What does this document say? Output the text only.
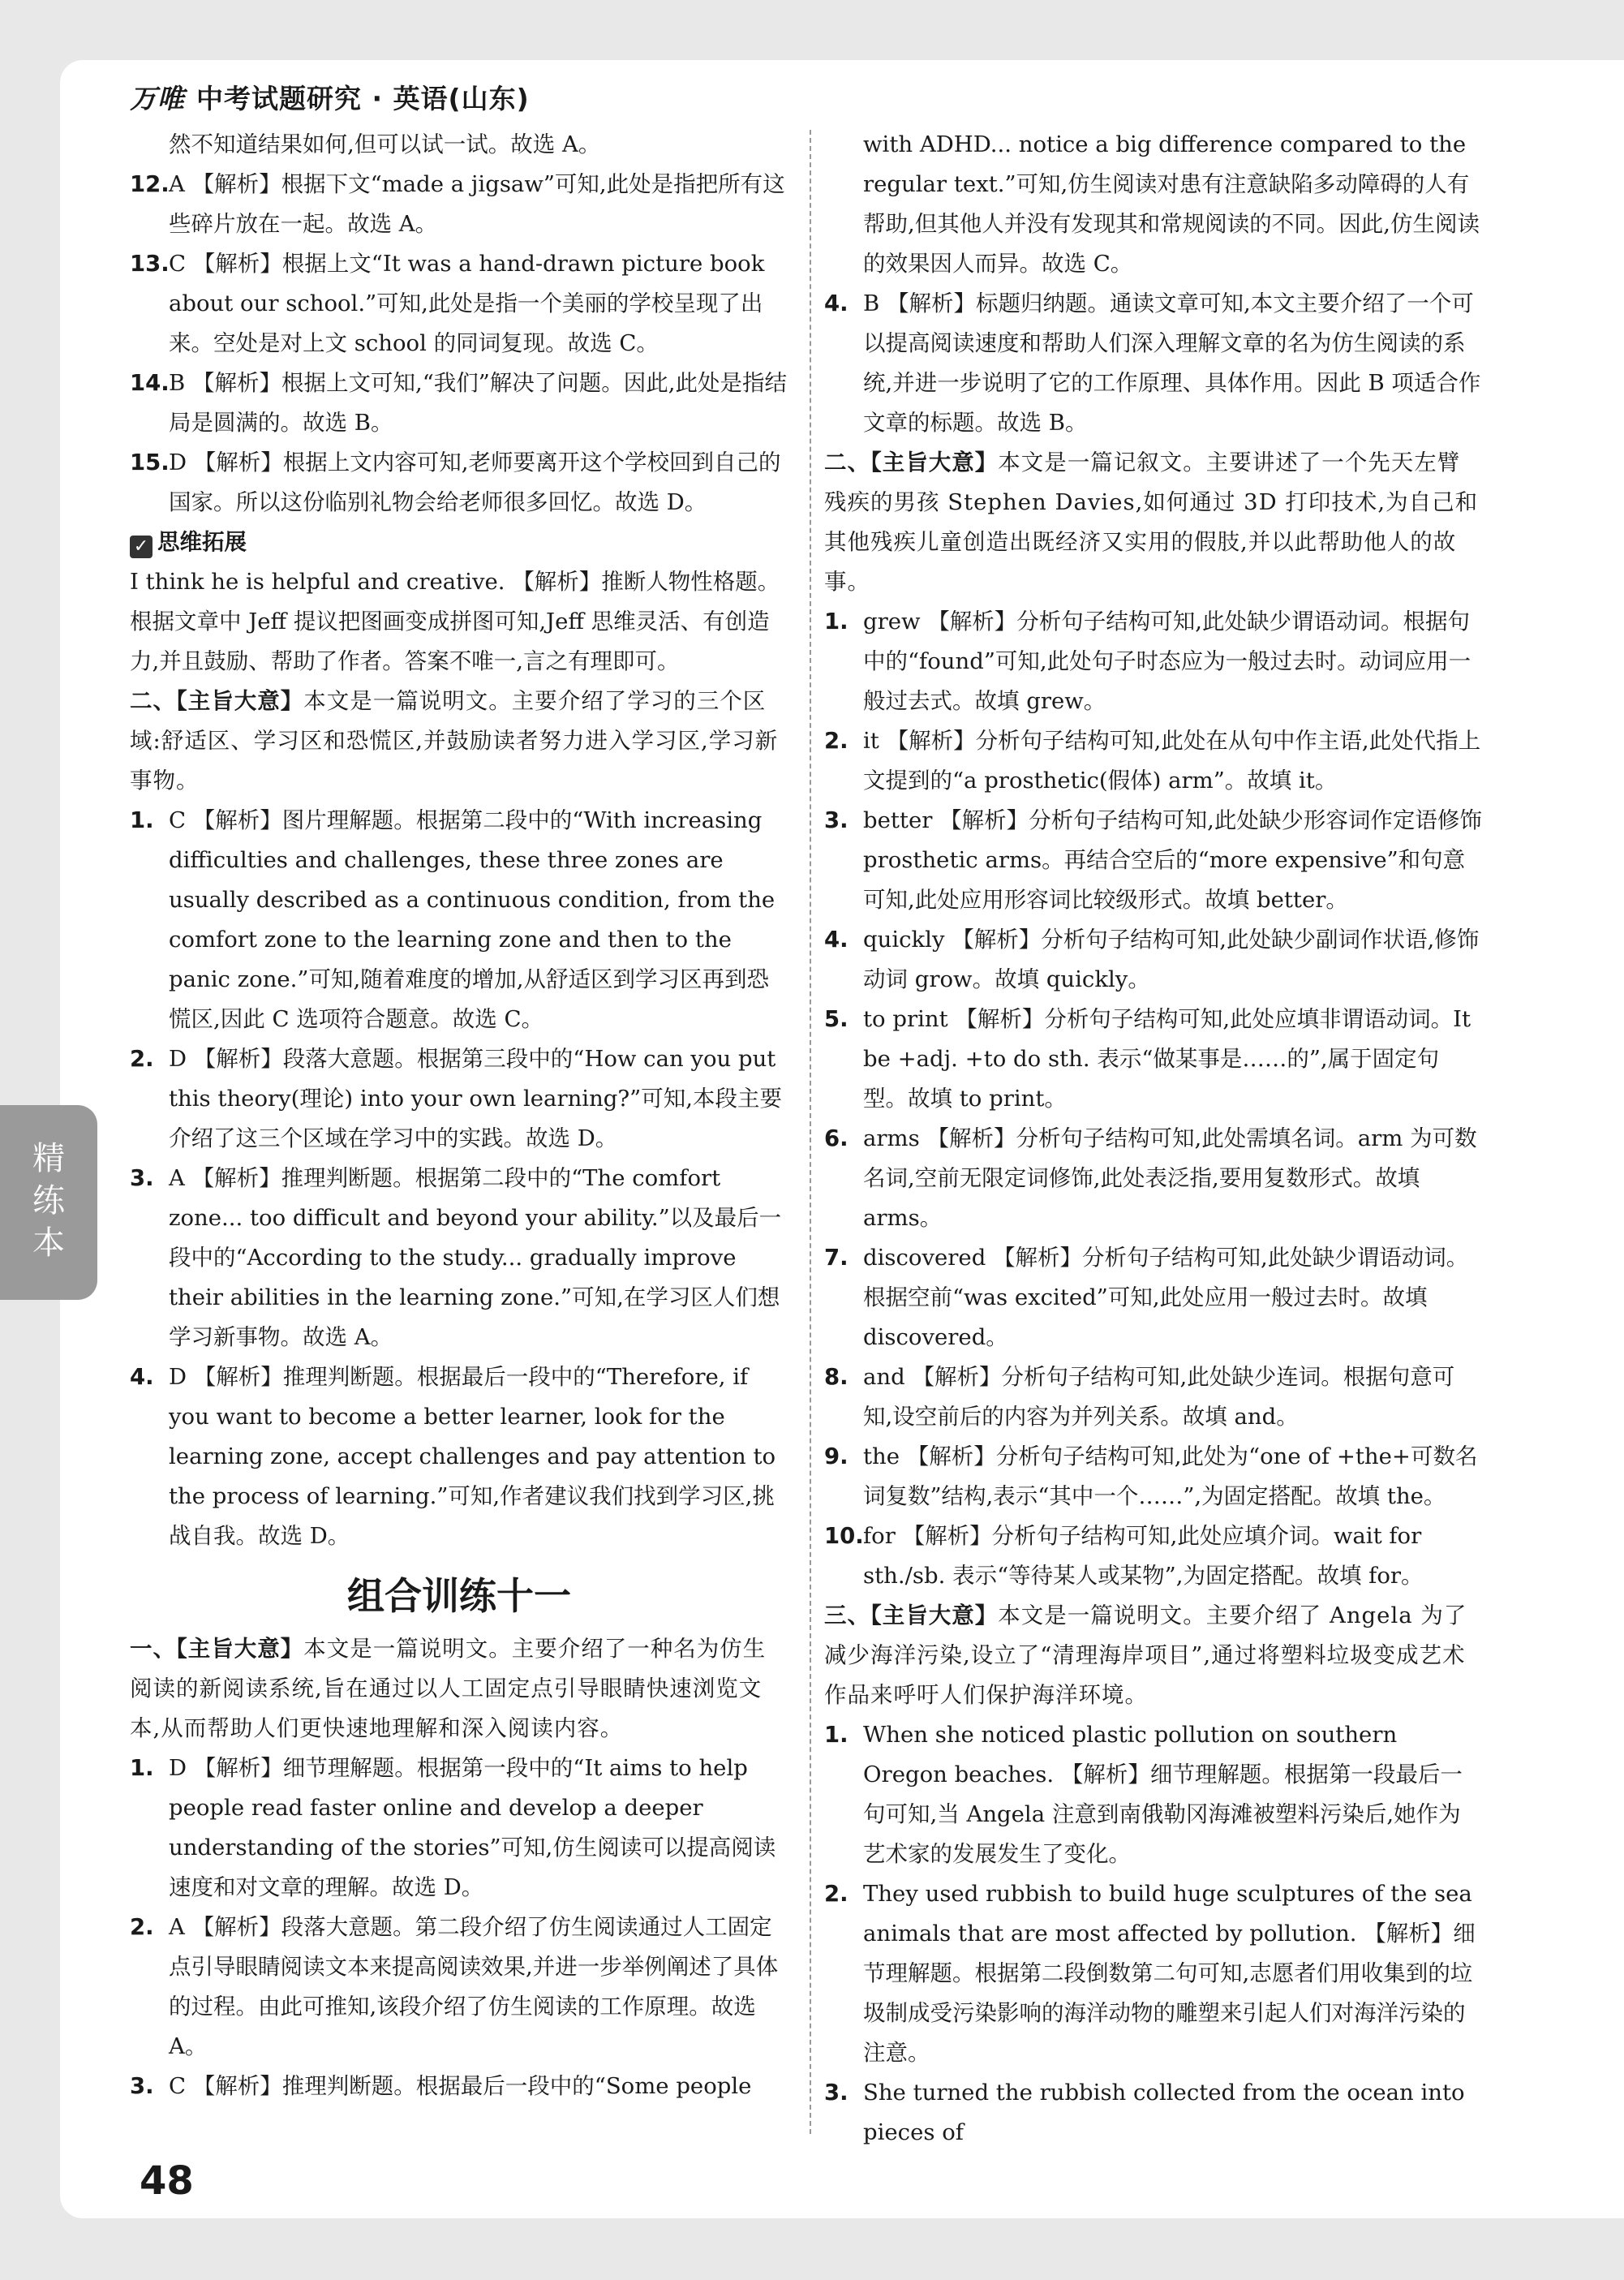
万唯 中考试题研究 · 英语(山东)
然不知道结果如何,但可以试一试。故选 A。
12. A 【解析】根据下文“made a jigsaw”可知,此处是指把所有这些碎片放在一起。故选 A。
13. C 【解析】根据上文“It was a hand-drawn picture book about our school.”可知,此处是指一个美丽的学校呈现了出来。空处是对上文 school 的同词复现。故选 C。
14. B 【解析】根据上文可知,“我们”解决了问题。因此,此处是指结局是圆满的。故选 B。
15. D 【解析】根据上文内容可知,老师要离开这个学校回到自己的国家。所以这份临别礼物会给老师很多回忆。故选 D。
✓ 思维拓展
I think he is helpful and creative. 【解析】推断人物性格题。根据文章中 Jeff 提议把图画变成拼图可知,Jeff 思维灵活、有创造力,并且鼓励、帮助了作者。答案不唯一,言之有理即可。
二、【主旨大意】本文是一篇说明文。主要介绍了学习的三个区域:舒适区、学习区和恐慌区,并鼓励读者努力进入学习区,学习新事物。
1. C 【解析】图片理解题。根据第二段中的“With increasing difficulties and challenges, these three zones are usually described as a continuous condition, from the comfort zone to the learning zone and then to the panic zone.”可知,随着难度的增加,从舒适区到学习区再到恐慌区,因此 C 选项符合题意。故选 C。
2. D 【解析】段落大意题。根据第三段中的“How can you put this theory(理论) into your own learning?”可知,本段主要介绍了这三个区域在学习中的实践。故选 D。
3. A 【解析】推理判断题。根据第二段中的“The comfort zone... too difficult and beyond your ability.”以及最后一段中的“According to the study... gradually improve their abilities in the learning zone.”可知,在学习区人们想学习新事物。故选 A。
4. D 【解析】推理判断题。根据最后一段中的“Therefore, if you want to become a better learner, look for the learning zone, accept challenges and pay attention to the process of learning.”可知,作者建议我们找到学习区,挑战自我。故选 D。
组合训练十一
一、【主旨大意】本文是一篇说明文。主要介绍了一种名为仿生阅读的新阅读系统,旨在通过以人工固定点引导眼睛快速浏览文本,从而帮助人们更快速地理解和深入阅读内容。
1. D 【解析】细节理解题。根据第一段中的“It aims to help people read faster online and develop a deeper understanding of the stories”可知,仿生阅读可以提高阅读速度和对文章的理解。故选 D。
2. A 【解析】段落大意题。第二段介绍了仿生阅读通过人工固定点引导眼睛阅读文本来提高阅读效果,并进一步举例阐述了具体的过程。由此可推知,该段介绍了仿生阅读的工作原理。故选 A。
3. C 【解析】推理判断题。根据最后一段中的“Some people
with ADHD... notice a big difference compared to the regular text.”可知,仿生阅读对患有注意缺陷多动障碍的人有帮助,但其他人并没有发现其和常规阅读的不同。因此,仿生阅读的效果因人而异。故选 C。
4. B 【解析】标题归纳题。通读文章可知,本文主要介绍了一个可以提高阅读速度和帮助人们深入理解文章的名为仿生阅读的系统,并进一步说明了它的工作原理、具体作用。因此 B 项适合作文章的标题。故选 B。
二、【主旨大意】本文是一篇记叙文。主要讲述了一个先天左臂残疾的男孩 Stephen Davies,如何通过 3D 打印技术,为自己和其他残疾儿童创造出既经济又实用的假肢,并以此帮助他人的故事。
1. grew 【解析】分析句子结构可知,此处缺少谓语动词。根据句中的“found”可知,此处句子时态应为一般过去时。动词应用一般过去式。故填 grew。
2. it 【解析】分析句子结构可知,此处在从句中作主语,此处代指上文提到的“a prosthetic(假体) arm”。故填 it。
3. better 【解析】分析句子结构可知,此处缺少形容词作定语修饰 prosthetic arms。再结合空后的“more expensive”和句意可知,此处应用形容词比较级形式。故填 better。
4. quickly 【解析】分析句子结构可知,此处缺少副词作状语,修饰动词 grow。故填 quickly。
5. to print 【解析】分析句子结构可知,此处应填非谓语动词。It be +adj. +to do sth. 表示“做某事是……的”,属于固定句型。故填 to print。
6. arms 【解析】分析句子结构可知,此处需填名词。arm 为可数名词,空前无限定词修饰,此处表泛指,要用复数形式。故填 arms。
7. discovered 【解析】分析句子结构可知,此处缺少谓语动词。根据空前“was excited”可知,此处应用一般过去时。故填 discovered。
8. and 【解析】分析句子结构可知,此处缺少连词。根据句意可知,设空前后的内容为并列关系。故填 and。
9. the 【解析】分析句子结构可知,此处为“one of +the+可数名词复数”结构,表示“其中一个……”,为固定搭配。故填 the。
10. for 【解析】分析句子结构可知,此处应填介词。wait for sth./sb. 表示“等待某人或某物”,为固定搭配。故填 for。
三、【主旨大意】本文是一篇说明文。主要介绍了 Angela 为了减少海洋污染,设立了“清理海岸项目”,通过将塑料垃圾变成艺术作品来呼吁人们保护海洋环境。
1. When she noticed plastic pollution on southern Oregon beaches. 【解析】细节理解题。根据第一段最后一句可知,当 Angela 注意到南俄勒冈海滩被塑料污染后,她作为艺术家的发展发生了变化。
2. They used rubbish to build huge sculptures of the sea animals that are most affected by pollution. 【解析】细节理解题。根据第二段倒数第二句可知,志愿者们用收集到的垃圾制成受污染影响的海洋动物的雕塑来引起人们对海洋污染的注意。
3. She turned the rubbish collected from the ocean into pieces of
精
练
本
48
